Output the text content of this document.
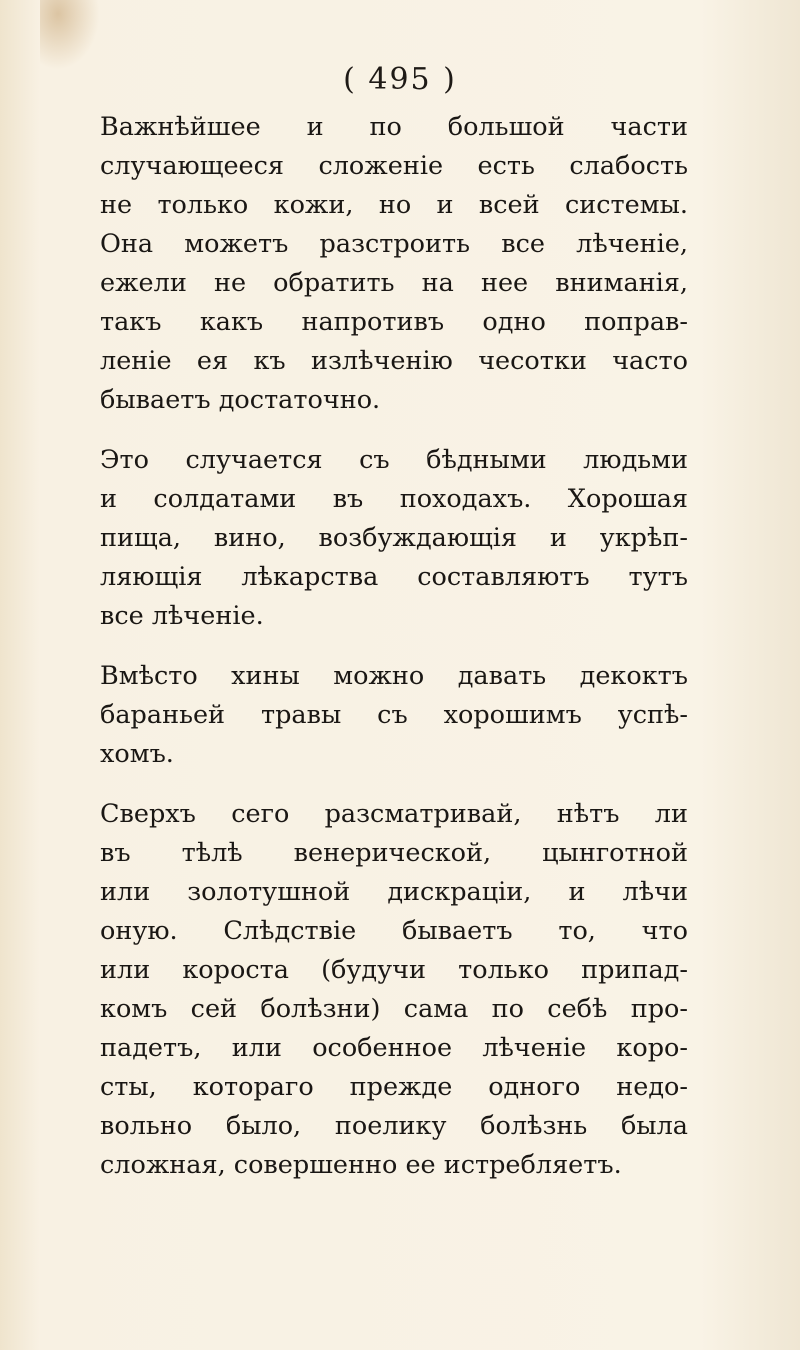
( 495 )

Важнѣйшее и по большой части
случающееся сложенiе есть слабость
не только кожи, но и всей системы.
Она можетъ разстроить все лѣченiе,
ежели не обратить на нее вниманiя,
такъ какъ напротивъ одно поправ-
ленiе ея къ излѣченiю чесотки часто
бываетъ достаточно.

Это случается съ бѣдными людьми
и солдатами въ походахъ. Хорошая
пища, вино, возбуждающiя и укрѣп-
ляющiя лѣкарства составляютъ тутъ
все лѣченiе.

Вмѣсто хины можно давать декоктъ
бараньей травы съ хорошимъ успѣ-
хомъ.

Сверхъ сего разсматривай, нѣтъ ли
въ тѣлѣ венерической, цынготной
или золотушной дискрацiи, и лѣчи
оную. Слѣдствiе бываетъ то, что
или короста (будучи только припад-
комъ сей болѣзни) сама по себѣ про-
падетъ, или особенное лѣченiе коро-
сты, котораго прежде одного недо-
вольно было, поелику болѣзнь была
сложная, совершенно ее истребляетъ.
